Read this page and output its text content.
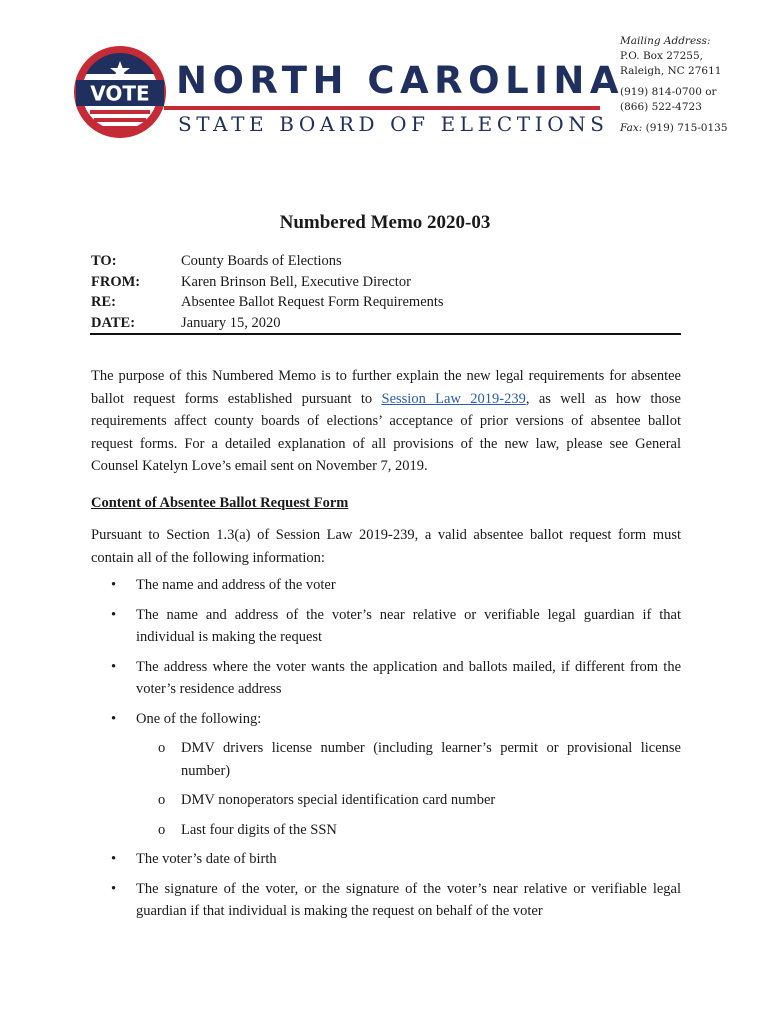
VOTE NORTH CAROLINA
STATE BOARD OF ELECTIONS
Mailing Address:
P.O. Box 27255,
Raleigh, NC 27611
(919) 814-0700 or
(866) 522-4723
Fax: (919) 715-0135
Numbered Memo 2020-03
TO:	County Boards of Elections
FROM:	Karen Brinson Bell, Executive Director
RE:	Absentee Ballot Request Form Requirements
DATE:	January 15, 2020
The purpose of this Numbered Memo is to further explain the new legal requirements for absentee ballot request forms established pursuant to Session Law 2019-239, as well as how those requirements affect county boards of elections’ acceptance of prior versions of absentee ballot request forms. For a detailed explanation of all provisions of the new law, please see General Counsel Katelyn Love’s email sent on November 7, 2019.
Content of Absentee Ballot Request Form
Pursuant to Section 1.3(a) of Session Law 2019-239, a valid absentee ballot request form must contain all of the following information:
• The name and address of the voter
• The name and address of the voter’s near relative or verifiable legal guardian if that individual is making the request
• The address where the voter wants the application and ballots mailed, if different from the voter’s residence address
• One of the following:
o DMV drivers license number (including learner’s permit or provisional license number)
o DMV nonoperators special identification card number
o Last four digits of the SSN
• The voter’s date of birth
• The signature of the voter, or the signature of the voter’s near relative or verifiable legal guardian if that individual is making the request on behalf of the voter
